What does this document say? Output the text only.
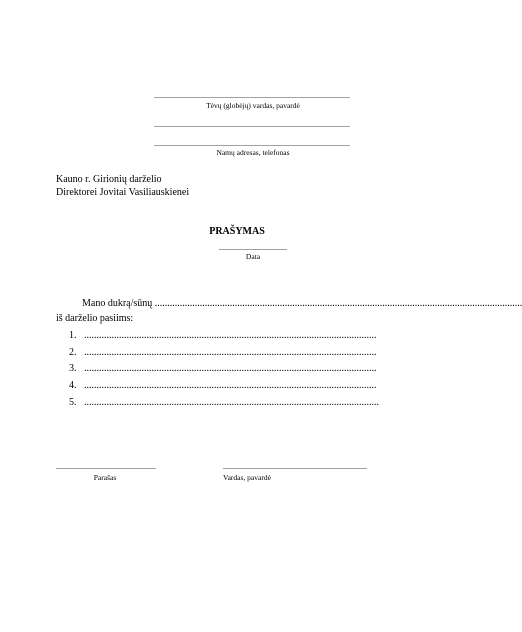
..................................................................................................
Tėvų (globėjų) vardas, pavardė
..................................................................................................
..................................................................................................
Namų adresas, telefonas
Kauno r. Girionių darželio
Direktorei Jovitai Vasiliauskienei
PRAŠYMAS
..................................
Data
Mano dukrą/sūnų ...................................................................................................................................................
iš darželio pasiims:
1. .....................................................................................................................
2. .....................................................................................................................
3. .....................................................................................................................
4. .....................................................................................................................
5. ......................................................................................................................
..................................................
Parašas
........................................................................
Vardas, pavardė
